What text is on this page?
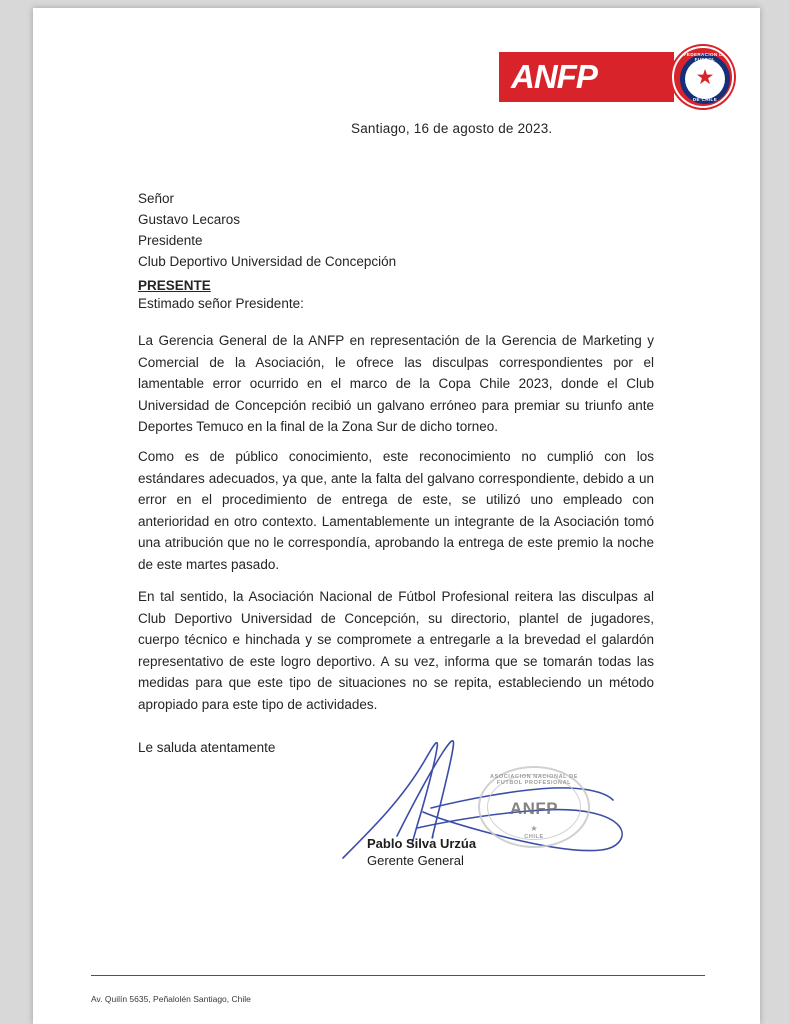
ANFP	★
FEDERACION DE FUTBOL
DE CHILE
Santiago, 16 de agosto de 2023.
Señor
Gustavo Lecaros
Presidente
Club Deportivo Universidad de Concepción
PRESENTE
Estimado señor Presidente:
La Gerencia General de la ANFP en representación de la Gerencia de Marketing y Comercial de la Asociación, le ofrece las disculpas correspondientes por el lamentable error ocurrido en el marco de la Copa Chile 2023, donde el Club Universidad de Concepción recibió un galvano erróneo para premiar su triunfo ante Deportes Temuco en la final de la Zona Sur de dicho torneo.
Como es de público conocimiento, este reconocimiento no cumplió con los estándares adecuados, ya que, ante la falta del galvano correspondiente, debido a un error en el procedimiento de entrega de este, se utilizó uno empleado con anterioridad en otro contexto. Lamentablemente un integrante de la Asociación tomó una atribución que no le correspondía, aprobando la entrega de este premio la noche de este martes pasado.
En tal sentido, la Asociación Nacional de Fútbol Profesional reitera las disculpas al Club Deportivo Universidad de Concepción, su directorio, plantel de jugadores, cuerpo técnico e hinchada y se compromete a entregarle a la brevedad el galardón representativo de este logro deportivo. A su vez, informa que se tomarán todas las medidas para que este tipo de situaciones no se repita, estableciendo un método apropiado para este tipo de actividades.
Le saluda atentamente
ASOCIACION NACIONAL DE FUTBOL PROFESIONAL
ANFP
★
CHILE
Pablo Silva Urzúa
Gerente General
Av. Quilín 5635, Peñalolén Santiago, Chile
